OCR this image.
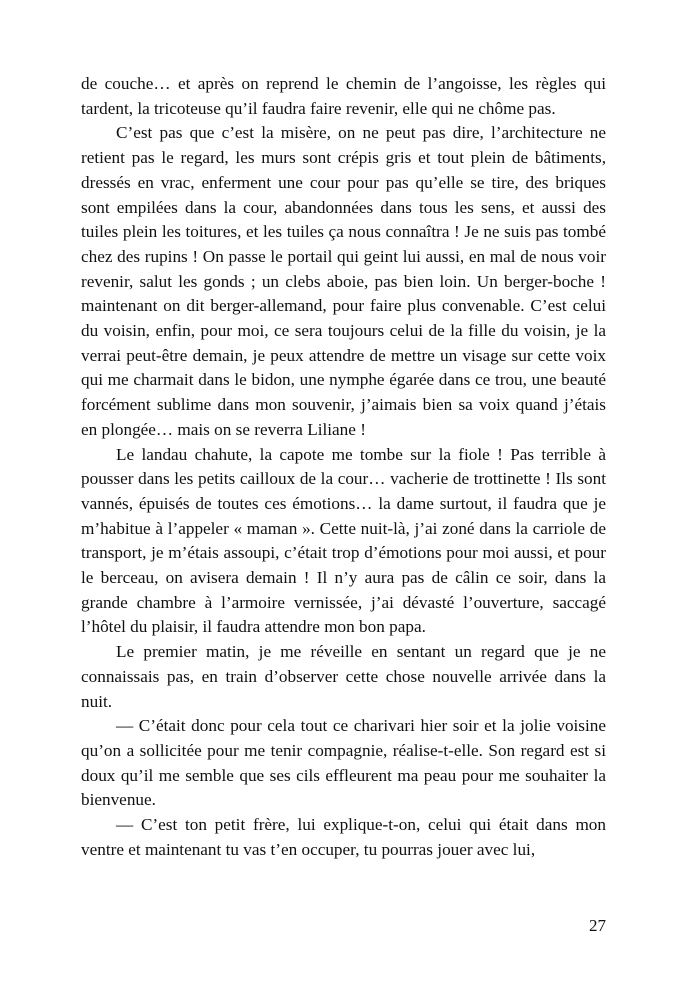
de couche… et après on reprend le chemin de l’angoisse, les règles qui tardent, la tricoteuse qu’il faudra faire revenir, elle qui ne chôme pas.

C’est pas que c’est la misère, on ne peut pas dire, l’architecture ne retient pas le regard, les murs sont crépis gris et tout plein de bâtiments, dressés en vrac, enferment une cour pour pas qu’elle se tire, des briques sont empilées dans la cour, abandonnées dans tous les sens, et aussi des tuiles plein les toitures, et les tuiles ça nous connaîtra ! Je ne suis pas tombé chez des rupins ! On passe le portail qui geint lui aussi, en mal de nous voir revenir, salut les gonds ; un clebs aboie, pas bien loin. Un berger-boche ! maintenant on dit berger-allemand, pour faire plus convenable. C’est celui du voisin, enfin, pour moi, ce sera toujours celui de la fille du voisin, je la verrai peut-être demain, je peux attendre de mettre un visage sur cette voix qui me charmait dans le bidon, une nymphe égarée dans ce trou, une beauté forcément sublime dans mon souvenir, j’aimais bien sa voix quand j’étais en plongée… mais on se reverra Liliane !

Le landau chahute, la capote me tombe sur la fiole ! Pas terrible à pousser dans les petits cailloux de la cour… vacherie de trottinette ! Ils sont vannés, épuisés de toutes ces émotions… la dame surtout, il faudra que je m’habitue à l’appeler « maman ». Cette nuit-là, j’ai zoné dans la carriole de transport, je m’étais assoupi, c’était trop d’émotions pour moi aussi, et pour le berceau, on avisera demain ! Il n’y aura pas de câlin ce soir, dans la grande chambre à l’armoire vernissée, j’ai dévasté l’ouverture, saccagé l’hôtel du plaisir, il faudra attendre mon bon papa.

Le premier matin, je me réveille en sentant un regard que je ne connaissais pas, en train d’observer cette chose nouvelle arrivée dans la nuit.

— C’était donc pour cela tout ce charivari hier soir et la jolie voisine qu’on a sollicitée pour me tenir compagnie, réalise-t-elle. Son regard est si doux qu’il me semble que ses cils effleurent ma peau pour me souhaiter la bienvenue.

— C’est ton petit frère, lui explique-t-on, celui qui était dans mon ventre et maintenant tu vas t’en occuper, tu pourras jouer avec lui,

27
